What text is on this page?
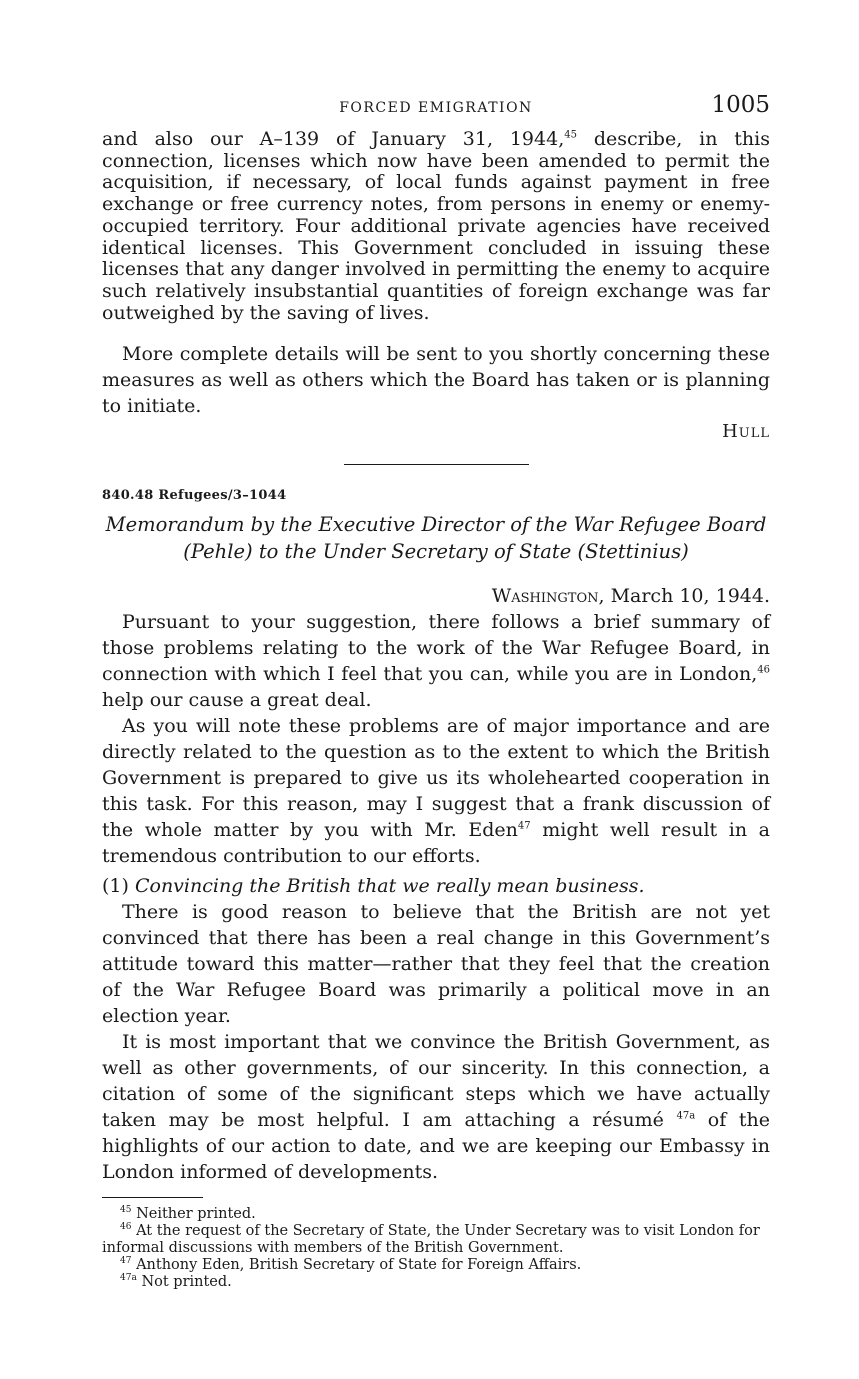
FORCED EMIGRATION	1005

and also our A–139 of January 31, 1944,45 describe, in this connection, licenses which now have been amended to permit the acquisition, if necessary, of local funds against payment in free exchange or free currency notes, from persons in enemy or enemy-occupied territory. Four additional private agencies have received identical licenses. This Government concluded in issuing these licenses that any danger involved in permitting the enemy to acquire such relatively insubstantial quantities of foreign exchange was far outweighed by the saving of lives.

More complete details will be sent to you shortly concerning these measures as well as others which the Board has taken or is planning to initiate.

Hull
840.48 Refugees/3–1044
Memorandum by the Executive Director of the War Refugee Board (Pehle) to the Under Secretary of State (Stettinius)
Washington, March 10, 1944.

Pursuant to your suggestion, there follows a brief summary of those problems relating to the work of the War Refugee Board, in connection with which I feel that you can, while you are in London,$^{46}$ help our cause a great deal.

As you will note these problems are of major importance and are directly related to the question as to the extent to which the British Government is prepared to give us its wholehearted cooperation in this task. For this reason, may I suggest that a frank discussion of the whole matter by you with Mr. Eden$^{47}$ might well result in a tremendous contribution to our efforts.

(1) Convincing the British that we really mean business.

There is good reason to believe that the British are not yet convinced that there has been a real change in this Government’s attitude toward this matter—rather that they feel that the creation of the War Refugee Board was primarily a political move in an election year.

It is most important that we convince the British Government, as well as other governments, of our sincerity. In this connection, a citation of some of the significant steps which we have actually taken may be most helpful. I am attaching a résumé $^{47a}$ of the highlights of our action to date, and we are keeping our Embassy in London informed of developments.

$^{45}$ Neither printed.
$^{46}$ At the request of the Secretary of State, the Under Secretary was to visit London for informal discussions with members of the British Government.
$^{47}$ Anthony Eden, British Secretary of State for Foreign Affairs.
$^{47a}$ Not printed.
